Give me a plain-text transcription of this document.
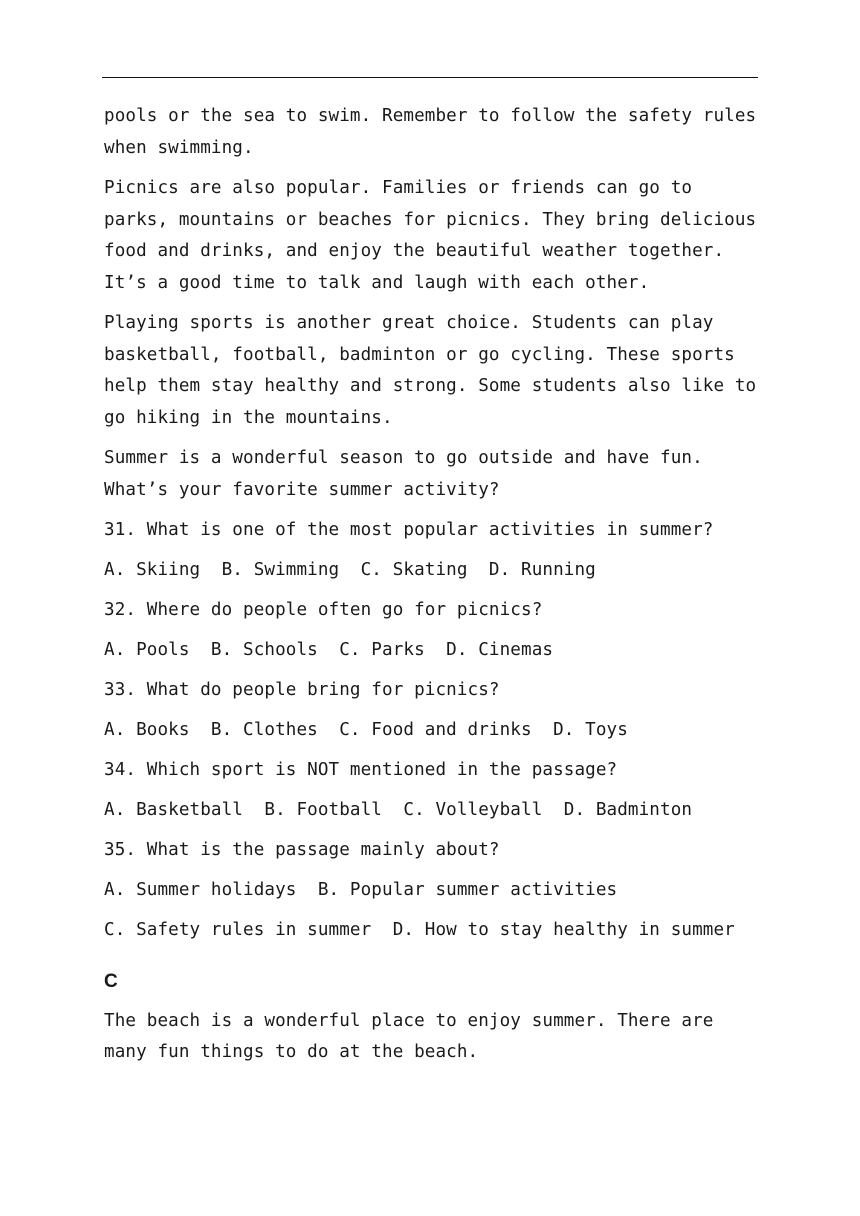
pools or the sea to swim. Remember to follow the safety rules when swimming.

Picnics are also popular. Families or friends can go to parks, mountains or beaches for picnics. They bring delicious food and drinks, and enjoy the beautiful weather together. It’s a good time to talk and laugh with each other.

Playing sports is another great choice. Students can play basketball, football, badminton or go cycling. These sports help them stay healthy and strong. Some students also like to go hiking in the mountains.

Summer is a wonderful season to go outside and have fun. What’s your favorite summer activity?

31. What is one of the most popular activities in summer?

A. Skiing  B. Swimming  C. Skating  D. Running

32. Where do people often go for picnics?

A. Pools  B. Schools  C. Parks  D. Cinemas

33. What do people bring for picnics?

A. Books  B. Clothes  C. Food and drinks  D. Toys

34. Which sport is NOT mentioned in the passage?

A. Basketball  B. Football  C. Volleyball  D. Badminton

35. What is the passage mainly about?

A. Summer holidays  B. Popular summer activities

C. Safety rules in summer  D. How to stay healthy in summer

C

The beach is a wonderful place to enjoy summer. There are many fun things to do at the beach.
